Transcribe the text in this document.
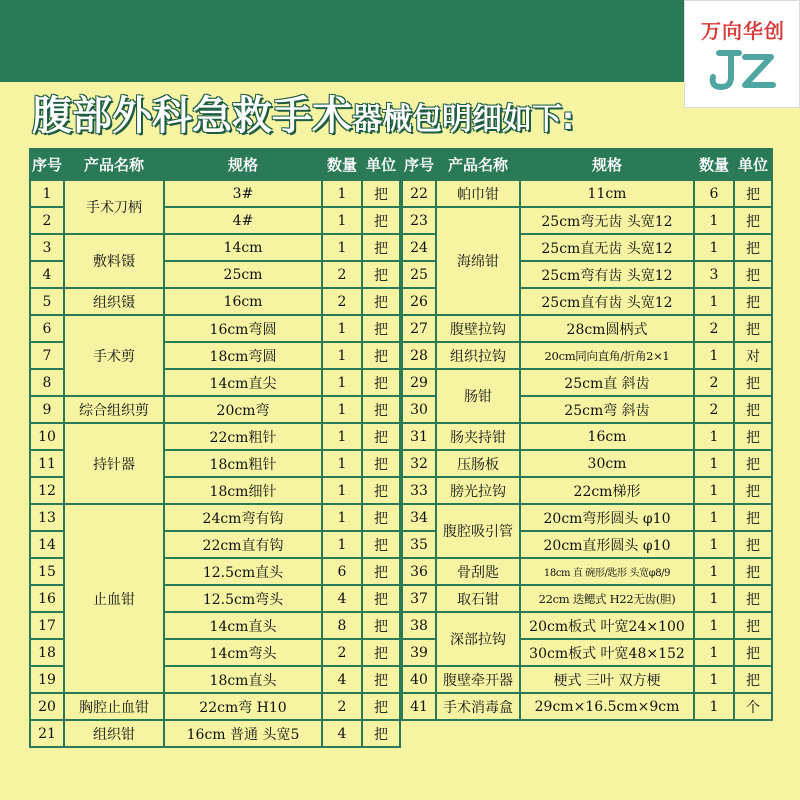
万向华创
腹部外科急救手术器械包明细如下:
序号	产品名称	规格	数量	单位
1	手术刀柄	3#	1	把
2		4#	1	把
3	敷料镊	14cm	1	把
4		25cm	2	把
5	组织镊	16cm	2	把
6	手术剪	16cm弯圆	1	把
7		18cm弯圆	1	把
8		14cm直尖	1	把
9	综合组织剪	20cm弯	1	把
10	持针器	22cm粗针	1	把
11		18cm粗针	1	把
12		18cm细针	1	把
13	止血钳	24cm弯有钩	1	把
14		22cm直有钩	1	把
15		12.5cm直头	6	把
16		12.5cm弯头	4	把
17		14cm直头	8	把
18		14cm弯头	2	把
19		18cm直头	4	把
20	胸腔止血钳	22cm弯 H10	2	把
21	组织钳	16cm 普通 头宽5	4	把
序号	产品名称	规格	数量	单位
22	帕巾钳	11cm	6	把
23	海绵钳	25cm弯无齿 头宽12	1	把
24		25cm直无齿 头宽12	1	把
25		25cm弯有齿 头宽12	3	把
26		25cm直有齿 头宽12	1	把
27	腹壁拉钩	28cm圆柄式	2	把
28	组织拉钩	20cm同向直角/折角2×1	1	对
29	肠钳	25cm直 斜齿	2	把
30		25cm弯 斜齿	2	把
31	肠夹持钳	16cm	1	把
32	压肠板	30cm	1	把
33	膀光拉钩	22cm梯形	1	把
34	腹腔吸引管	20cm弯形圆头 φ10	1	把
35		20cm直形圆头 φ10	1	把
36	骨刮匙	18cm 直 碗形/匙形 头宽φ8/9	1	把
37	取石钳	22cm 迭鳃式 H22无齿(胆)	1	把
38	深部拉钩	20cm板式 叶宽24×100	1	把
39		30cm板式 叶宽48×152	1	把
40	腹壁牵开器	梗式 三叶 双方梗	1	把
41	手术消毒盒	29cm×16.5cm×9cm	1	个
